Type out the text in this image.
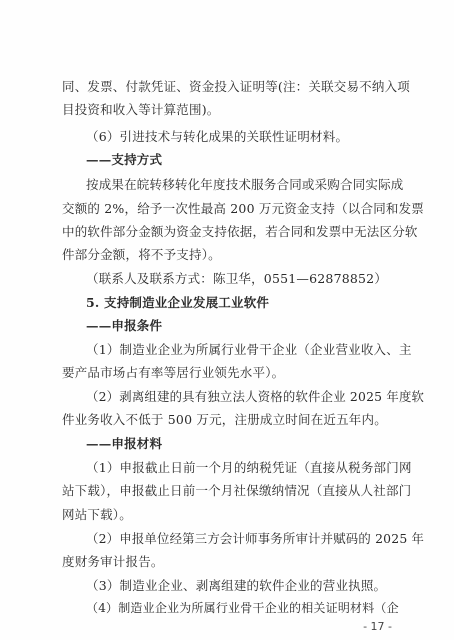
同、发票、付款凭证、资金投入证明等(注：关联交易不纳入项
目投资和收入等计算范围)。
（6）引进技术与转化成果的关联性证明材料。
——支持方式
按成果在皖转移转化年度技术服务合同或采购合同实际成
交额的 2%，给予一次性最高 200 万元资金支持（以合同和发票
中的软件部分金额为资金支持依据，若合同和发票中无法区分软
件部分金额，将不予支持）。
（联系人及联系方式：陈卫华，0551—62878852）
5. 支持制造业企业发展工业软件
——申报条件
（1）制造业企业为所属行业骨干企业（企业营业收入、主
要产品市场占有率等居行业领先水平）。
（2）剥离组建的具有独立法人资格的软件企业 2025 年度软
件业务收入不低于 500 万元，注册成立时间在近五年内。
——申报材料
（1）申报截止日前一个月的纳税凭证（直接从税务部门网
站下载），申报截止日前一个月社保缴纳情况（直接从人社部门
网站下载）。
（2）申报单位经第三方会计师事务所审计并赋码的 2025 年
度财务审计报告。
（3）制造业企业、剥离组建的软件企业的营业执照。
（4）制造业企业为所属行业骨干企业的相关证明材料（企
- 17 -
